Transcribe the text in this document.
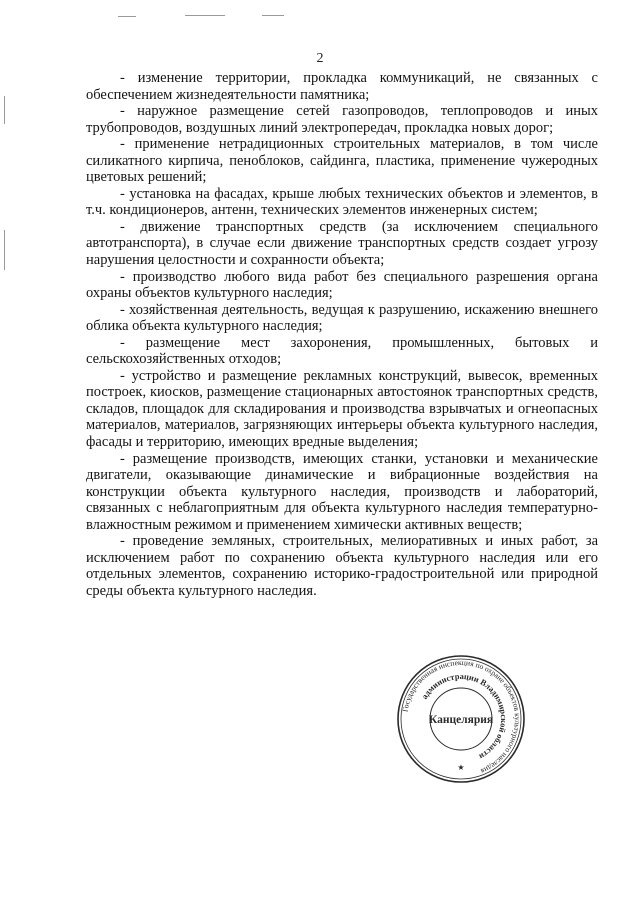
2

- изменение территории, прокладка коммуникаций, не связанных с обеспечением жизнедеятельности памятника;

- наружное размещение сетей газопроводов, теплопроводов и иных трубопроводов, воздушных линий электропередач, прокладка новых дорог;

- применение нетрадиционных строительных материалов, в том числе силикатного кирпича, пеноблоков, сайдинга, пластика, применение чужеродных цветовых решений;

- установка на фасадах, крыше любых технических объектов и элементов, в т.ч. кондиционеров, антенн, технических элементов инженерных систем;

- движение транспортных средств (за исключением специального автотранспорта), в случае если движение транспортных средств создает угрозу нарушения целостности и сохранности объекта;

- производство любого вида работ без специального разрешения органа охраны объектов культурного наследия;

- хозяйственная деятельность, ведущая к разрушению, искажению внешнего облика объекта культурного наследия;

- размещение мест захоронения, промышленных, бытовых и сельскохозяйственных отходов;

- устройство и размещение рекламных конструкций, вывесок, временных построек, киосков, размещение стационарных автостоянок транспортных средств, складов, площадок для складирования и производства взрывчатых и огнеопасных материалов, материалов, загрязняющих интерьеры объекта культурного наследия, фасады и территорию, имеющих вредные выделения;

- размещение производств, имеющих станки, установки и механические двигатели, оказывающие динамические и вибрационные воздействия на конструкции объекта культурного наследия, производств и лабораторий, связанных с неблагоприятным для объекта культурного наследия температурно-влажностным режимом и применением химически активных веществ;

- проведение земляных, строительных, мелиоративных и иных работ, за исключением работ по сохранению объекта культурного наследия или его отдельных элементов, сохранению историко-градостроительной или природной среды объекта культурного наследия.

Государственная инспекция по охране объектов культурного наследия
администрации Владимирской области
Канцелярия
★
